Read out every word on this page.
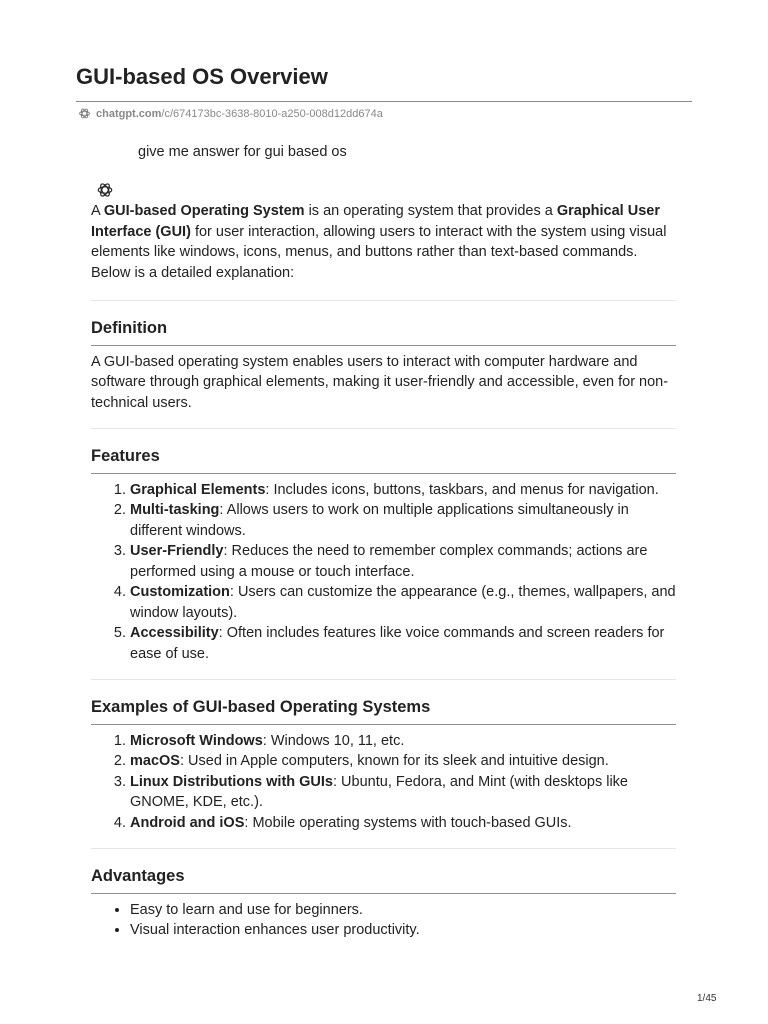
GUI-based OS Overview
chatgpt.com /c/674173bc-3638-8010-a250-008d12dd674a
give me answer for gui based os

A GUI-based Operating System is an operating system that provides a Graphical User Interface (GUI) for user interaction, allowing users to interact with the system using visual elements like windows, icons, menus, and buttons rather than text-based commands. Below is a detailed explanation:

Definition

A GUI-based operating system enables users to interact with computer hardware and software through graphical elements, making it user-friendly and accessible, even for non-technical users.

Features
1. Graphical Elements: Includes icons, buttons, taskbars, and menus for navigation.
2. Multi-tasking: Allows users to work on multiple applications simultaneously in different windows.
3. User-Friendly: Reduces the need to remember complex commands; actions are performed using a mouse or touch interface.
4. Customization: Users can customize the appearance (e.g., themes, wallpapers, and window layouts).
5. Accessibility: Often includes features like voice commands and screen readers for ease of use.
Examples of GUI-based Operating Systems
1. Microsoft Windows: Windows 10, 11, etc.
2. macOS: Used in Apple computers, known for its sleek and intuitive design.
3. Linux Distributions with GUIs: Ubuntu, Fedora, and Mint (with desktops like GNOME, KDE, etc.).
4. Android and iOS: Mobile operating systems with touch-based GUIs.
Advantages
• Easy to learn and use for beginners.
• Visual interaction enhances user productivity.
1/45
